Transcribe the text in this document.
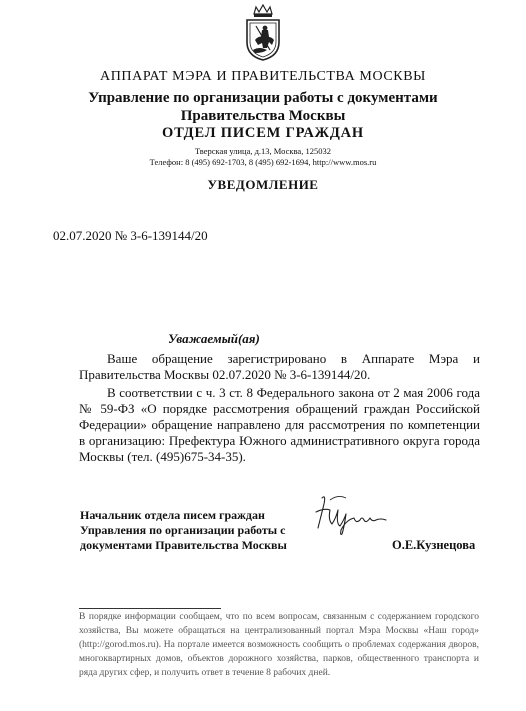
АППАРАТ МЭРА И ПРАВИТЕЛЬСТВА МОСКВЫ
Управление по организации работы с документами
Правительства Москвы
ОТДЕЛ ПИСЕМ ГРАЖДАН
Тверская улица, д.13, Москва, 125032
Телефон: 8 (495) 692-1703, 8 (495) 692-1694, http://www.mos.ru
УВЕДОМЛЕНИЕ
02.07.2020 № 3-6-139144/20
Уважаемый(ая)

Ваше обращение зарегистрировано в Аппарате Мэра и Правительства Москвы 02.07.2020 № 3-6-139144/20.

В соответствии с ч. 3 ст. 8 Федерального закона от 2 мая 2006 года № 59-ФЗ «О порядке рассмотрения обращений граждан Российской Федерации» обращение направлено для рассмотрения по компетенции в организацию: Префектура Южного административного округа города Москвы (тел. (495)675-34-35).

Начальник отдела писем граждан
Управления по организации работы с
документами Правительства Москвы	О.Е.Кузнецова

В порядке информации сообщаем, что по всем вопросам, связанным с содержанием городского хозяйства, Вы можете обращаться на централизованный портал Мэра Москвы «Наш город» (http://gorod.mos.ru). На портале имеется возможность сообщить о проблемах содержания дворов, многоквартирных домов, объектов дорожного хозяйства, парков, общественного транспорта и ряда других сфер, и получить ответ в течение 8 рабочих дней.
